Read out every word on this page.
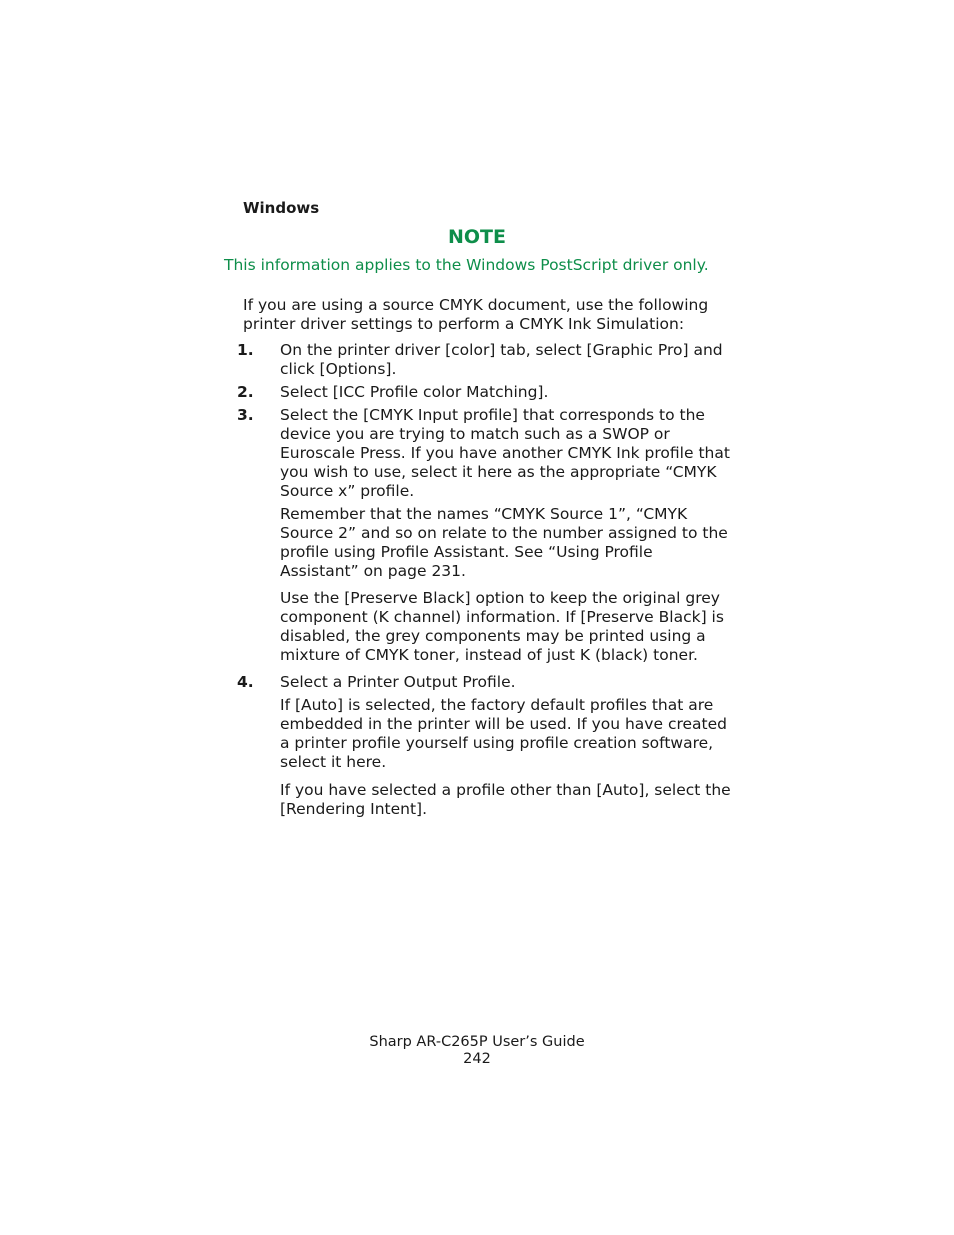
Windows
NOTE

This information applies to the Windows PostScript driver only.

If you are using a source CMYK document, use the following printer driver settings to perform a CMYK Ink Simulation:

1. On the printer driver [color] tab, select [Graphic Pro] and click [Options].

2. Select [ICC Profile color Matching].

3. Select the [CMYK Input profile] that corresponds to the device you are trying to match such as a SWOP or Euroscale Press. If you have another CMYK Ink profile that you wish to use, select it here as the appropriate “CMYK Source x” profile.

Remember that the names “CMYK Source 1”, “CMYK Source 2” and so on relate to the number assigned to the profile using Profile Assistant. See “Using Profile Assistant” on page 231.

Use the [Preserve Black] option to keep the original grey component (K channel) information. If [Preserve Black] is disabled, the grey components may be printed using a mixture of CMYK toner, instead of just K (black) toner.

4. Select a Printer Output Profile.

If [Auto] is selected, the factory default profiles that are embedded in the printer will be used. If you have created a printer profile yourself using profile creation software, select it here.

If you have selected a profile other than [Auto], select the [Rendering Intent].

Sharp AR-C265P User’s Guide
242
